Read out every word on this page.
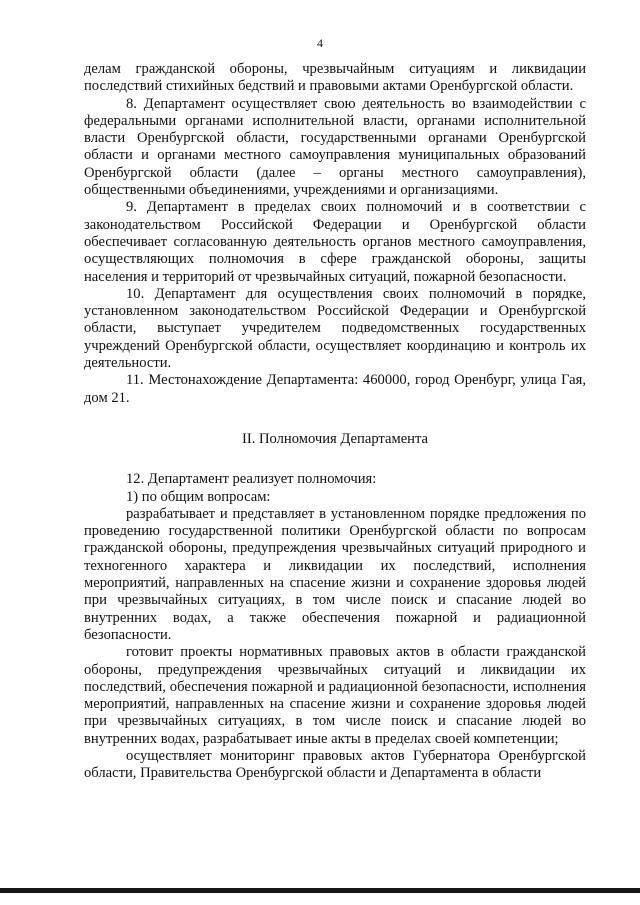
4

делам гражданской обороны, чрезвычайным ситуациям и ликвидации последствий стихийных бедствий и правовыми актами Оренбургской области.

8. Департамент осуществляет свою деятельность во взаимодействии с федеральными органами исполнительной власти, органами исполнительной власти Оренбургской области, государственными органами Оренбургской области и органами местного самоуправления муниципальных образований Оренбургской области (далее – органы местного самоуправления), общественными объединениями, учреждениями и организациями.

9. Департамент в пределах своих полномочий и в соответствии с законодательством Российской Федерации и Оренбургской области обеспечивает согласованную деятельность органов местного самоуправления, осуществляющих полномочия в сфере гражданской обороны, защиты населения и территорий от чрезвычайных ситуаций, пожарной безопасности.

10. Департамент для осуществления своих полномочий в порядке, установленном законодательством Российской Федерации и Оренбургской области, выступает учредителем подведомственных государственных учреждений Оренбургской области, осуществляет координацию и контроль их деятельности.

11. Местонахождение Департамента: 460000, город Оренбург, улица Гая, дом 21.

II. Полномочия Департамента

12. Департамент реализует полномочия:

1) по общим вопросам:

разрабатывает и представляет в установленном порядке предложения по проведению государственной политики Оренбургской области по вопросам гражданской обороны, предупреждения чрезвычайных ситуаций природного и техногенного характера и ликвидации их последствий, исполнения мероприятий, направленных на спасение жизни и сохранение здоровья людей при чрезвычайных ситуациях, в том числе поиск и спасание людей во внутренних водах, а также обеспечения пожарной и радиационной безопасности.

готовит проекты нормативных правовых актов в области гражданской обороны, предупреждения чрезвычайных ситуаций и ликвидации их последствий, обеспечения пожарной и радиационной безопасности, исполнения мероприятий, направленных на спасение жизни и сохранение здоровья людей при чрезвычайных ситуациях, в том числе поиск и спасание людей во внутренних водах, разрабатывает иные акты в пределах своей компетенции;

осуществляет мониторинг правовых актов Губернатора Оренбургской области, Правительства Оренбургской области и Департамента в области
